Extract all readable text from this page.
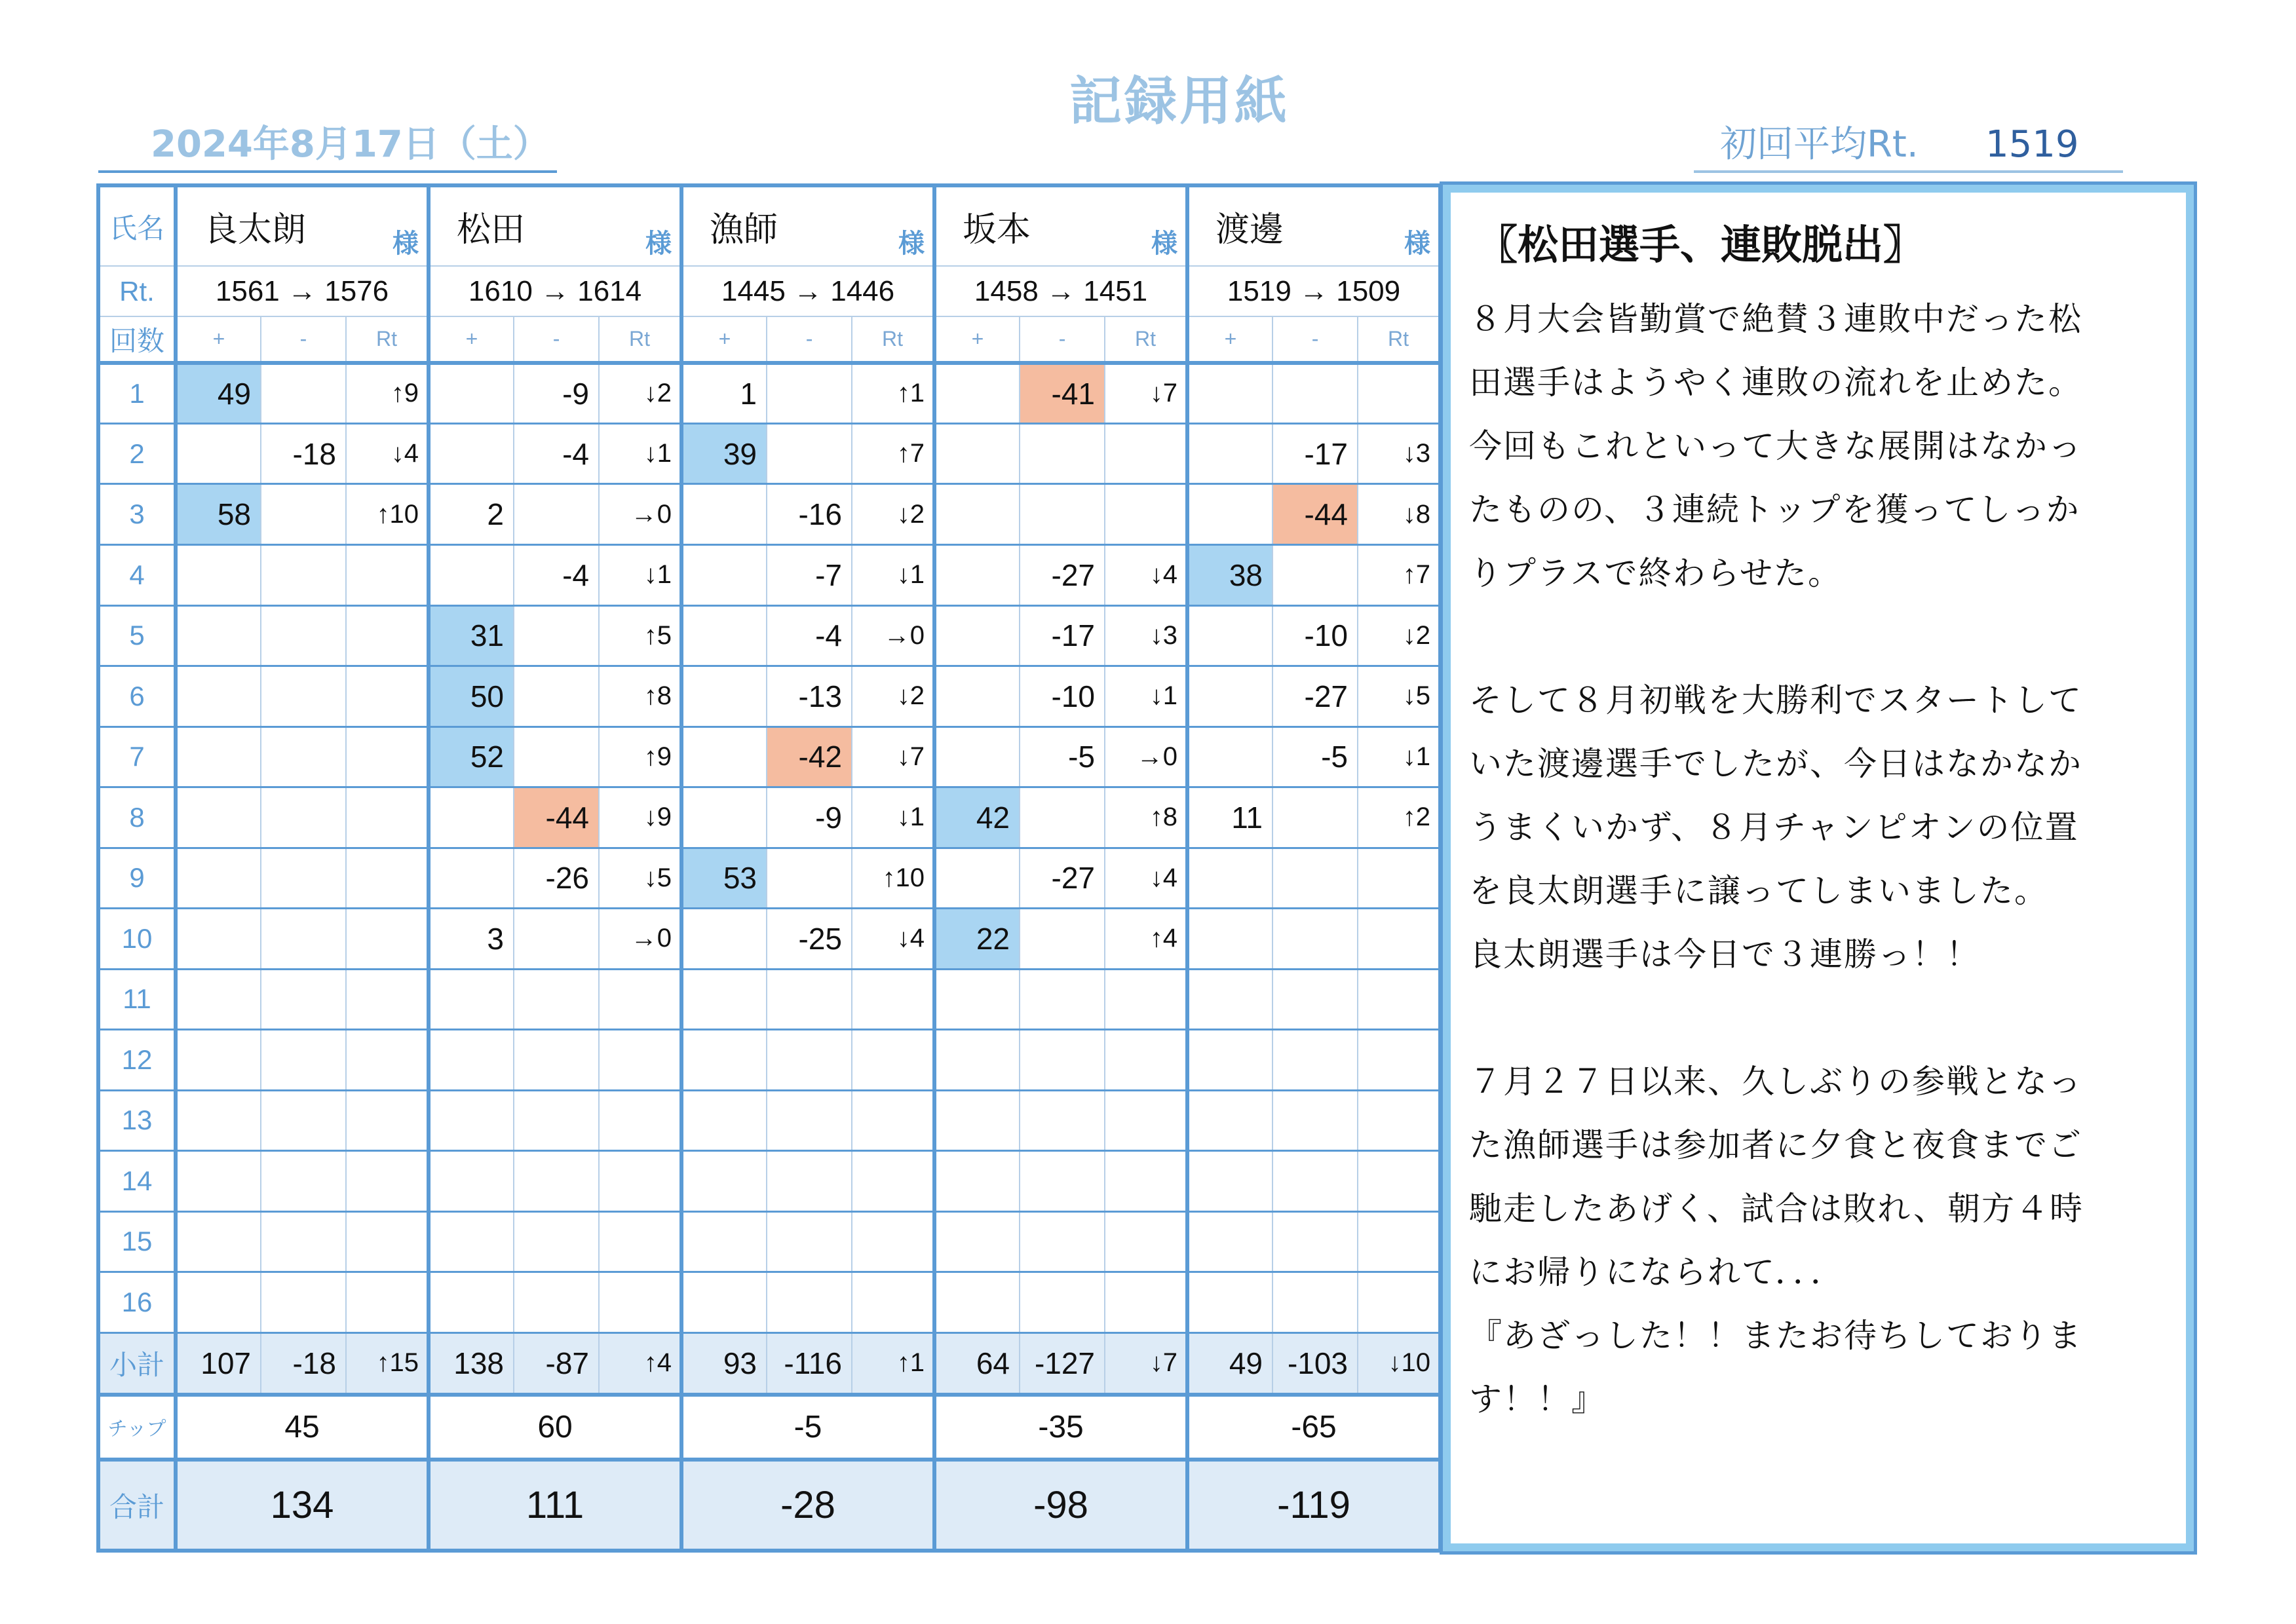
記録用紙
2024年8月17日（土）	初回平均Rt. 1519
氏名	良太朗 様			松田 様			漁師 様			坂本 様			渡邊 様		

Rt.	1561 → 1576			1610 → 1614			1445 → 1446			1458 → 1451			1519 → 1509		
回数	+	-	Rt	+	-	Rt	+	-	Rt	+	-	Rt	+	-	Rt
1	49		↑9		-9	↓2	1		↑1		-41	↓7			
2		-18	↓4		-4	↓1	39		↑7					-17	↓3
3	58		↑10	2		→0		-16	↓2					-44	↓8
4					-4	↓1		-7	↓1		-27	↓4	38		↑7
5				31		↑5		-4	→0		-17	↓3		-10	↓2
6				50		↑8		-13	↓2		-10	↓1		-27	↓5
7				52		↑9		-42	↓7		-5	→0		-5	↓1
8					-44	↓9		-9	↓1	42		↑8	11		↑2
9					-26	↓5	53		↑10		-27	↓4			
10				3		→0		-25	↓4	22		↑4			
11															
12															
13															
14															
15															
16															
小計	107	-18	↑15	138	-87	↑4	93	-116	↑1	64	-127	↓7	49	-103	↓10
チップ	45			60			-5			-35			-65		
合計	134			111			-28			-98			-119		
〖松田選手、連敗脱出〗

８月大会皆勤賞で絶賛３連敗中だった松

田選手はようやく連敗の流れを止めた。

今回もこれといって大きな展開はなかっ

たものの、３連続トップを獲ってしっか

りプラスで終わらせた。

そして８月初戦を大勝利でスタートして

いた渡邊選手でしたが、今日はなかなか

うまくいかず、８月チャンピオンの位置

を良太朗選手に譲ってしまいました。

良太朗選手は今日で３連勝っ！！

７月２７日以来、久しぶりの参戦となっ

た漁師選手は参加者に夕食と夜食までご

馳走したあげく、試合は敗れ、朝方４時

にお帰りになられて．．．

『あざっした！！またお待ちしておりま

す！！』
